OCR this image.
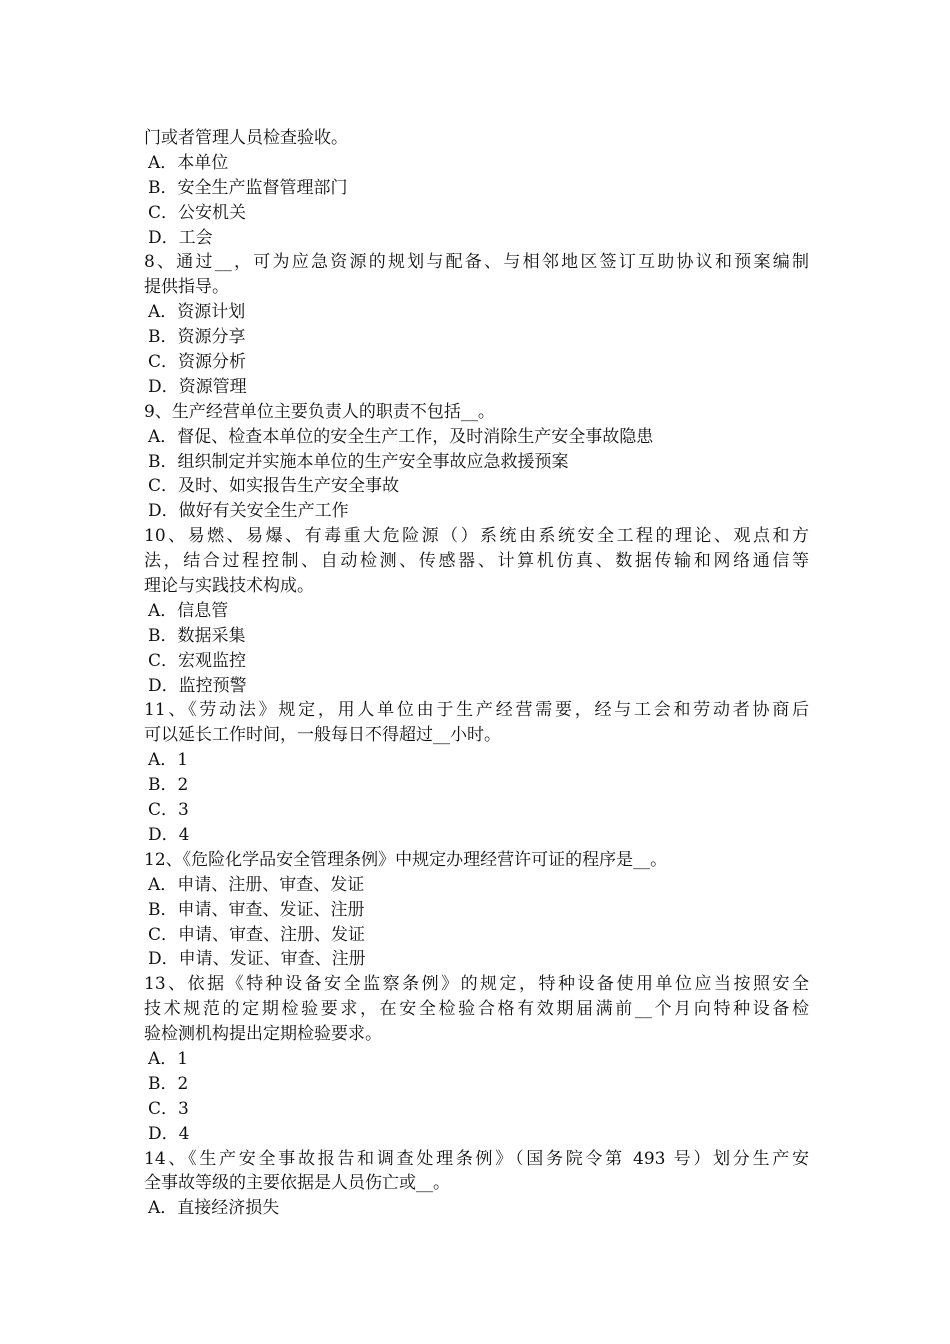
门或者管理人员检查验收。
A．本单位
B．安全生产监督管理部门
C．公安机关
D．工会
8、通过__，可为应急资源的规划与配备、与相邻地区签订互助协议和预案编制
提供指导。
A．资源计划
B．资源分享
C．资源分析
D．资源管理
9、生产经营单位主要负责人的职责不包括__。
A．督促、检查本单位的安全生产工作，及时消除生产安全事故隐患
B．组织制定并实施本单位的生产安全事故应急救援预案
C．及时、如实报告生产安全事故
D．做好有关安全生产工作
10、易燃、易爆、有毒重大危险源（）系统由系统安全工程的理论、观点和方
法，结合过程控制、自动检测、传感器、计算机仿真、数据传输和网络通信等
理论与实践技术构成。
A．信息管
B．数据采集
C．宏观监控
D．监控预警
11、《劳动法》规定，用人单位由于生产经营需要，经与工会和劳动者协商后
可以延长工作时间，一般每日不得超过__小时。
A．1
B．2
C．3
D．4
12、《危险化学品安全管理条例》中规定办理经营许可证的程序是__。
A．申请、注册、审查、发证
B．申请、审查、发证、注册
C．申请、审查、注册、发证
D．申请、发证、审查、注册
13、依据《特种设备安全监察条例》的规定，特种设备使用单位应当按照安全
技术规范的定期检验要求，在安全检验合格有效期届满前__个月向特种设备检
验检测机构提出定期检验要求。
A．1
B．2
C．3
D．4
14、《生产安全事故报告和调查处理条例》（国务院令第 493 号）划分生产安
全事故等级的主要依据是人员伤亡或__。
A．直接经济损失
